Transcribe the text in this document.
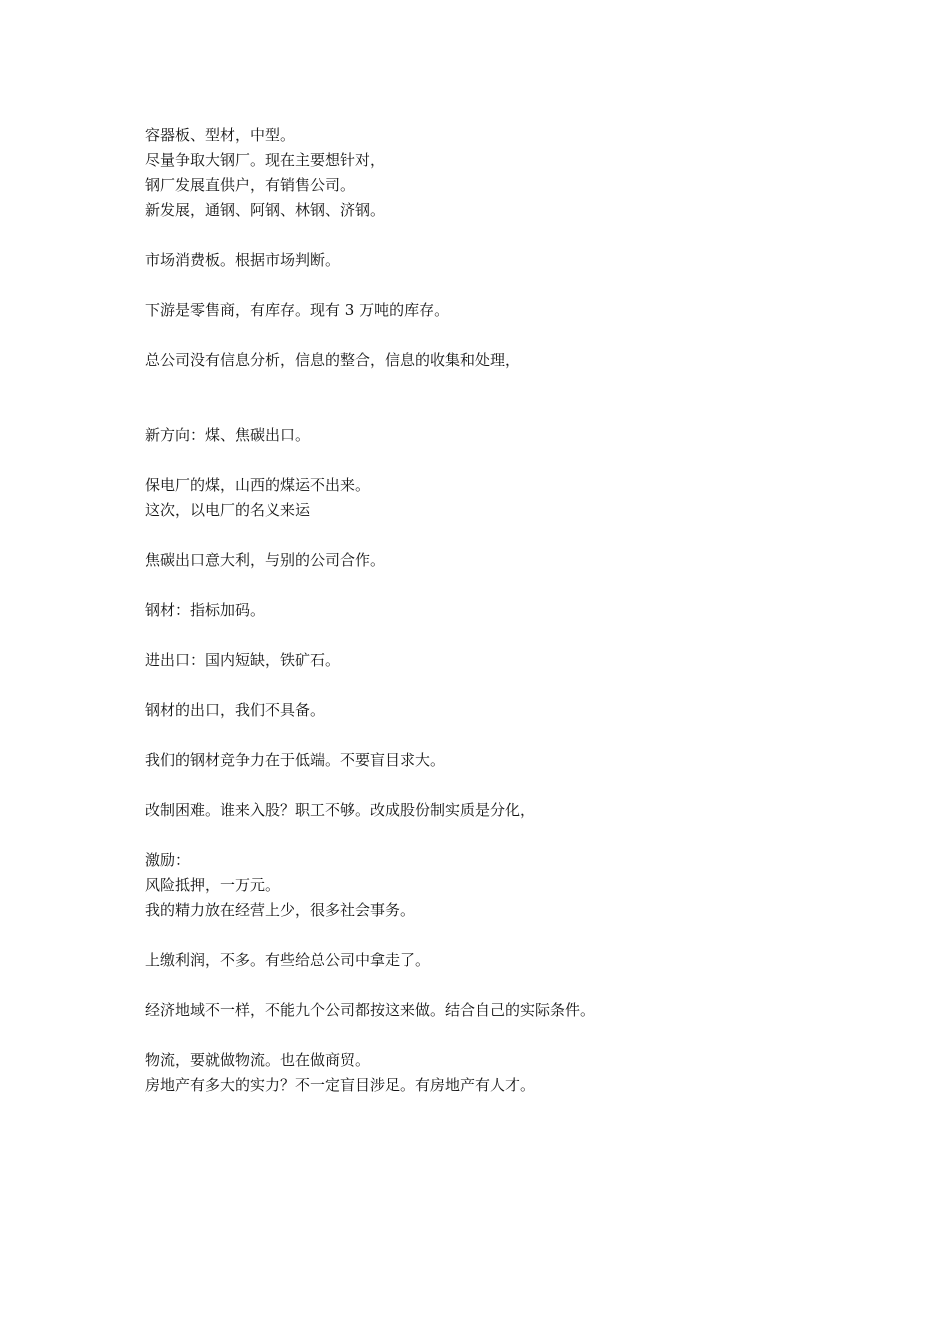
容器板、型材，中型。
尽量争取大钢厂。现在主要想针对，
钢厂发展直供户，有销售公司。
新发展，通钢、阿钢、林钢、济钢。
市场消费板。根据市场判断。
下游是零售商，有库存。现有 3 万吨的库存。
总公司没有信息分析，信息的整合，信息的收集和处理，
新方向：煤、焦碳出口。
保电厂的煤，山西的煤运不出来。
这次，以电厂的名义来运
焦碳出口意大利，与别的公司合作。
钢材：指标加码。
进出口：国内短缺，铁矿石。
钢材的出口，我们不具备。
我们的钢材竞争力在于低端。不要盲目求大。
改制困难。谁来入股？职工不够。改成股份制实质是分化，
激励：
风险抵押，一万元。
我的精力放在经营上少，很多社会事务。
上缴利润，不多。有些给总公司中拿走了。
经济地域不一样，不能九个公司都按这来做。结合自己的实际条件。
物流，要就做物流。也在做商贸。
房地产有多大的实力？不一定盲目涉足。有房地产有人才。
